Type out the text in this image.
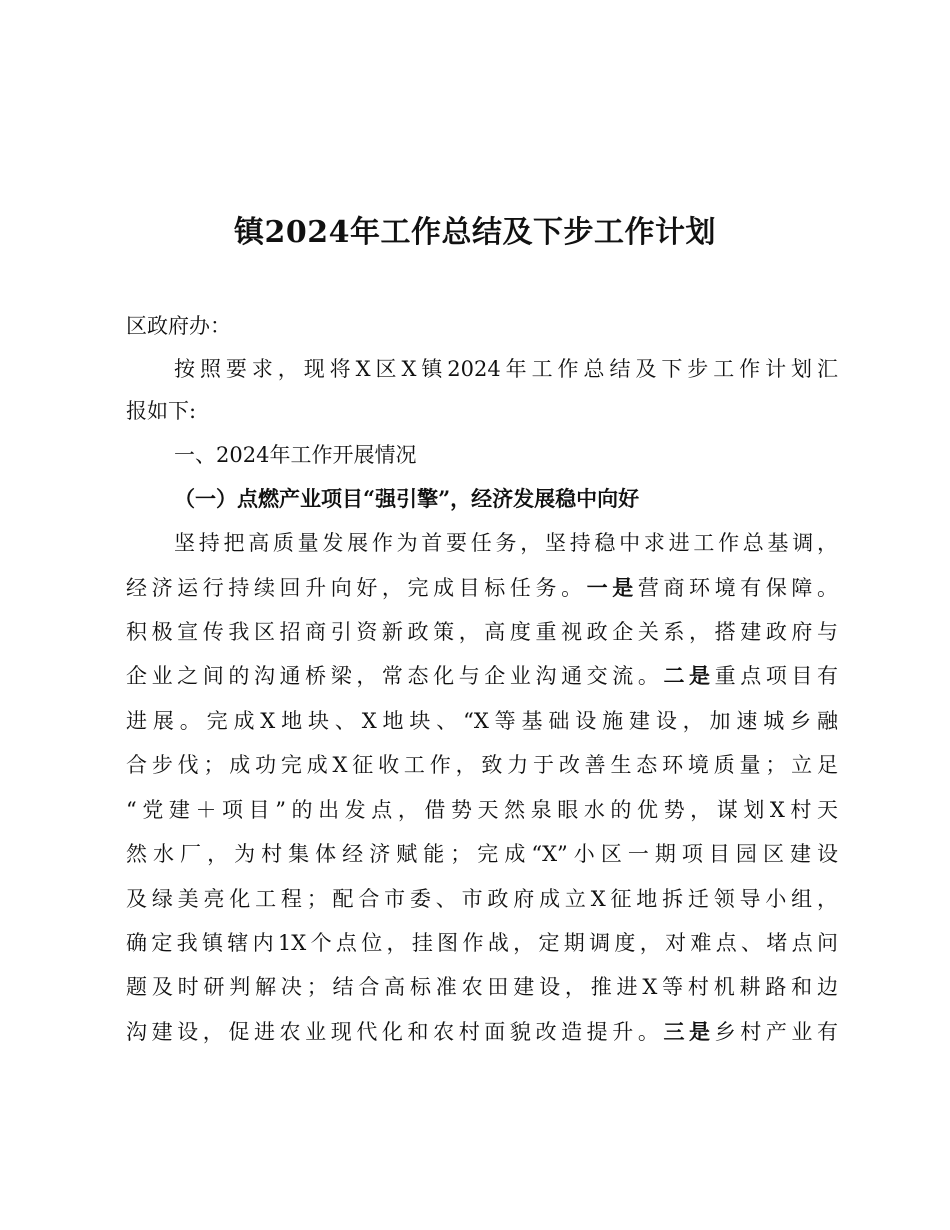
镇2024年工作总结及下步工作计划
区政府办：
按照要求，现将X区X镇2024年工作总结及下步工作计划汇
报如下:
一、2024年工作开展情况
（一）点燃产业项目“强引擎”，经济发展稳中向好
坚持把高质量发展作为首要任务，坚持稳中求进工作总基调，
经济运行持续回升向好，完成目标任务。一是营商环境有保障。
积极宣传我区招商引资新政策，高度重视政企关系，搭建政府与
企业之间的沟通桥梁，常态化与企业沟通交流。二是重点项目有
进展。完成X地块、X地块、“X等基础设施建设，加速城乡融
合步伐；成功完成X征收工作，致力于改善生态环境质量；立足
“党建＋项目”的出发点，借势天然泉眼水的优势，谋划X村天
然水厂，为村集体经济赋能；完成“X”小区一期项目园区建设
及绿美亮化工程；配合市委、市政府成立X征地拆迁领导小组，
确定我镇辖内1X个点位，挂图作战，定期调度，对难点、堵点问
题及时研判解决；结合高标准农田建设，推进X等村机耕路和边
沟建设，促进农业现代化和农村面貌改造提升。三是乡村产业有
